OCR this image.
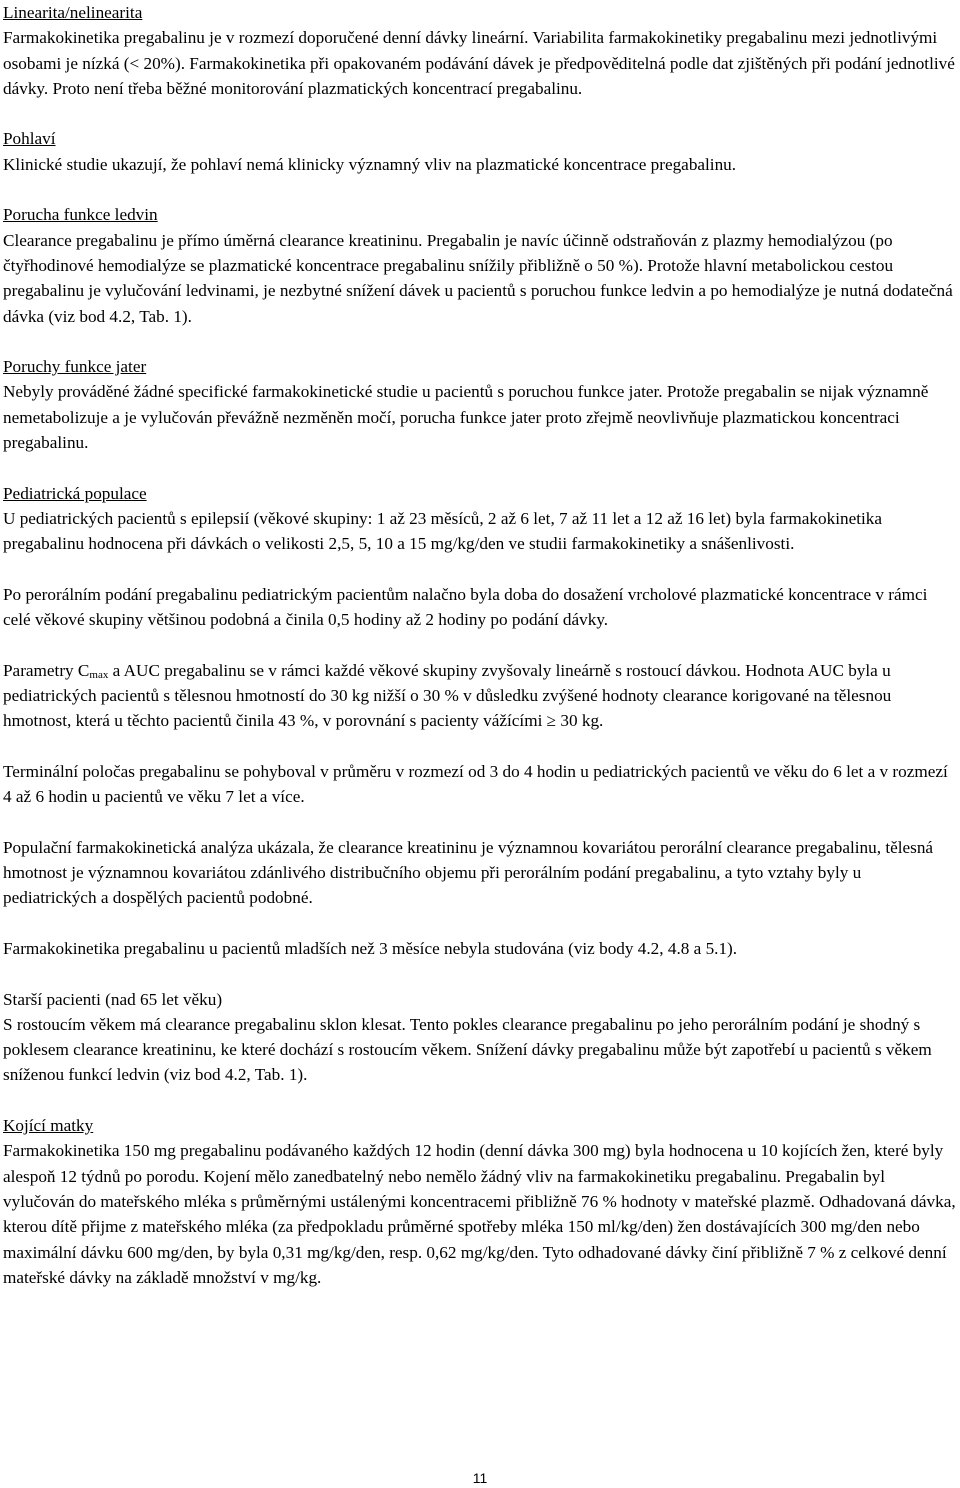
Linearita/nelinearita

Farmakokinetika pregabalinu je v rozmezí doporučené denní dávky lineární. Variabilita farmakokinetiky pregabalinu mezi jednotlivými osobami je nízká (< 20%). Farmakokinetika při opakovaném podávání dávek je předpověditelná podle dat zjištěných při podání jednotlivé dávky. Proto není třeba běžné monitorování plazmatických koncentrací pregabalinu.

Pohlaví

Klinické studie ukazují, že pohlaví nemá klinicky významný vliv na plazmatické koncentrace pregabalinu.

Porucha funkce ledvin

Clearance pregabalinu je přímo úměrná clearance kreatininu. Pregabalin je navíc účinně odstraňován z plazmy hemodialýzou (po čtyřhodinové hemodialýze se plazmatické koncentrace pregabalinu snížily přibližně o 50 %). Protože hlavní metabolickou cestou pregabalinu je vylučování ledvinami, je nezbytné snížení dávek u pacientů s poruchou funkce ledvin a po hemodialýze je nutná dodatečná dávka (viz bod 4.2, Tab. 1).

Poruchy funkce jater

Nebyly prováděné žádné specifické farmakokinetické studie u pacientů s poruchou funkce jater. Protože pregabalin se nijak významně nemetabolizuje a je vylučován převážně nezměněn močí, porucha funkce jater proto zřejmě neovlivňuje plazmatickou koncentraci pregabalinu.

Pediatrická populace

U pediatrických pacientů s epilepsií (věkové skupiny: 1 až 23 měsíců, 2 až 6 let, 7 až 11 let a 12 až 16 let) byla farmakokinetika pregabalinu hodnocena při dávkách o velikosti 2,5, 5, 10 a 15 mg/kg/den ve studii farmakokinetiky a snášenlivosti.

Po perorálním podání pregabalinu pediatrickým pacientům nalačno byla doba do dosažení vrcholové plazmatické koncentrace v rámci celé věkové skupiny většinou podobná a činila 0,5 hodiny až 2 hodiny po podání dávky.

Parametry $C_{max}$ a AUC pregabalinu se v rámci každé věkové skupiny zvyšovaly lineárně s rostoucí dávkou. Hodnota AUC byla u pediatrických pacientů s tělesnou hmotností do 30 kg nižší o 30 % v důsledku zvýšené hodnoty clearance korigované na tělesnou hmotnost, která u těchto pacientů činila 43 %, v porovnání s pacienty vážícími ≥ 30 kg.

Terminální poločas pregabalinu se pohyboval v průměru v rozmezí od 3 do 4 hodin u pediatrických pacientů ve věku do 6 let a v rozmezí 4 až 6 hodin u pacientů ve věku 7 let a více.

Populační farmakokinetická analýza ukázala, že clearance kreatininu je významnou kovariátou perorální clearance pregabalinu, tělesná hmotnost je významnou kovariátou zdánlivého distribučního objemu při perorálním podání pregabalinu, a tyto vztahy byly u pediatrických a dospělých pacientů podobné.

Farmakokinetika pregabalinu u pacientů mladších než 3 měsíce nebyla studována (viz body 4.2, 4.8 a 5.1).

Starší pacienti (nad 65 let věku)

S rostoucím věkem má clearance pregabalinu sklon klesat. Tento pokles clearance pregabalinu po jeho perorálním podání je shodný s poklesem clearance kreatininu, ke které dochází s rostoucím věkem. Snížení dávky pregabalinu může být zapotřebí u pacientů s věkem sníženou funkcí ledvin (viz bod 4.2, Tab. 1).

Kojící matky

Farmakokinetika 150 mg pregabalinu podávaného každých 12 hodin (denní dávka 300 mg) byla hodnocena u 10 kojících žen, které byly alespoň 12 týdnů po porodu. Kojení mělo zanedbatelný nebo nemělo žádný vliv na farmakokinetiku pregabalinu. Pregabalin byl vylučován do mateřského mléka s průměrnými ustálenými koncentracemi přibližně 76 % hodnoty v mateřské plazmě. Odhadovaná dávka, kterou dítě přijme z mateřského mléka (za předpokladu průměrné spotřeby mléka 150 ml/kg/den) žen dostávajících 300 mg/den nebo maximální dávku 600 mg/den, by byla 0,31 mg/kg/den, resp. 0,62 mg/kg/den. Tyto odhadované dávky činí přibližně 7 % z celkové denní mateřské dávky na základě množství v mg/kg.

11
